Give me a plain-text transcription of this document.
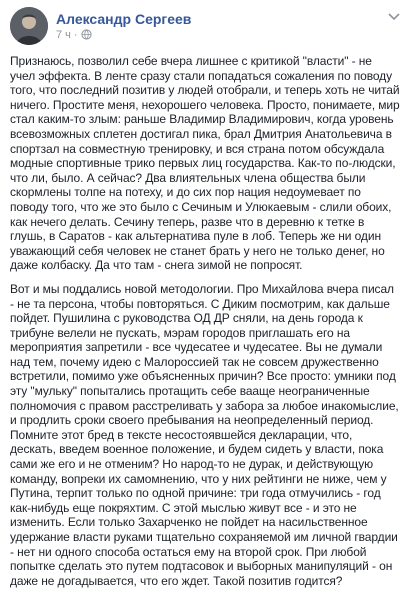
Александр Сергеев
7 ч ·

Признаюсь, позволил себе вчера лишнее с критикой "власти" - не учел эффекта. В ленте сразу стали попадаться сожаления по поводу того, что последний позитив у людей отобрали, и теперь хоть не читай ничего. Простите меня, нехорошего человека. Просто, понимаете, мир стал каким-то злым: раньше Владимир Владимирович, когда уровень всевозможных сплетен достигал пика, брал Дмитрия Анатольевича в спортзал на совместную тренировку, и вся страна потом обсуждала модные спортивные трико первых лиц государства. Как-то по-людски, что ли, было. А сейчас? Два влиятельных члена общества были скормлены толпе на потеху, и до сих пор нация недоумевает по поводу того, что же это было с Сечиным и Улюкаевым - слили обоих, как нечего делать. Сечину теперь, разве что в деревню к тетке в глушь, в Саратов - как альтернатива пуле в лоб. Теперь же ни один уважающий себя человек не станет брать у него не только денег, но даже колбаску. Да что там - снега зимой не попросят.

Вот и мы поддались новой методологии. Про Михайлова вчера писал - не та персона, чтобы повторяться. С Диким посмотрим, как дальше пойдет. Пушилина с руководства ОД ДР сняли, на день города к трибуне велели не пускать, мэрам городов приглашать его на мероприятия запретили - все чудесатее и чудесатее. Вы не думали над тем, почему идею с Малороссией так не совсем дружественно встретили, помимо уже объясненных причин? Все просто: умники под эту "мульку" попытались протащить себе вааще неограниченные полномочия с правом расстреливать у забора за любое инакомыслие, и продлить сроки своего пребывания на неопределенный период. Помните этот бред в тексте несостоявшейся декларации, что, дескать, введем военное положение, и будем сидеть у власти, пока сами же его и не отменим? Но народ-то не дурак, и действующую команду, вопреки их самомнению, что у них рейтинги не ниже, чем у Путина, терпит только по одной причине: три года отмучились - год как-нибудь еще покряхтим. С этой мыслью живут все - и это не изменить. Если только Захарченко не пойдет на насильственное удержание власти руками тщательно сохраняемой им личной гвардии - нет ни одного способа остаться ему на второй срок. При любой попытке сделать это путем подтасовок и выборных манипуляций - он даже не догадывается, что его ждет. Такой позитив годится?
